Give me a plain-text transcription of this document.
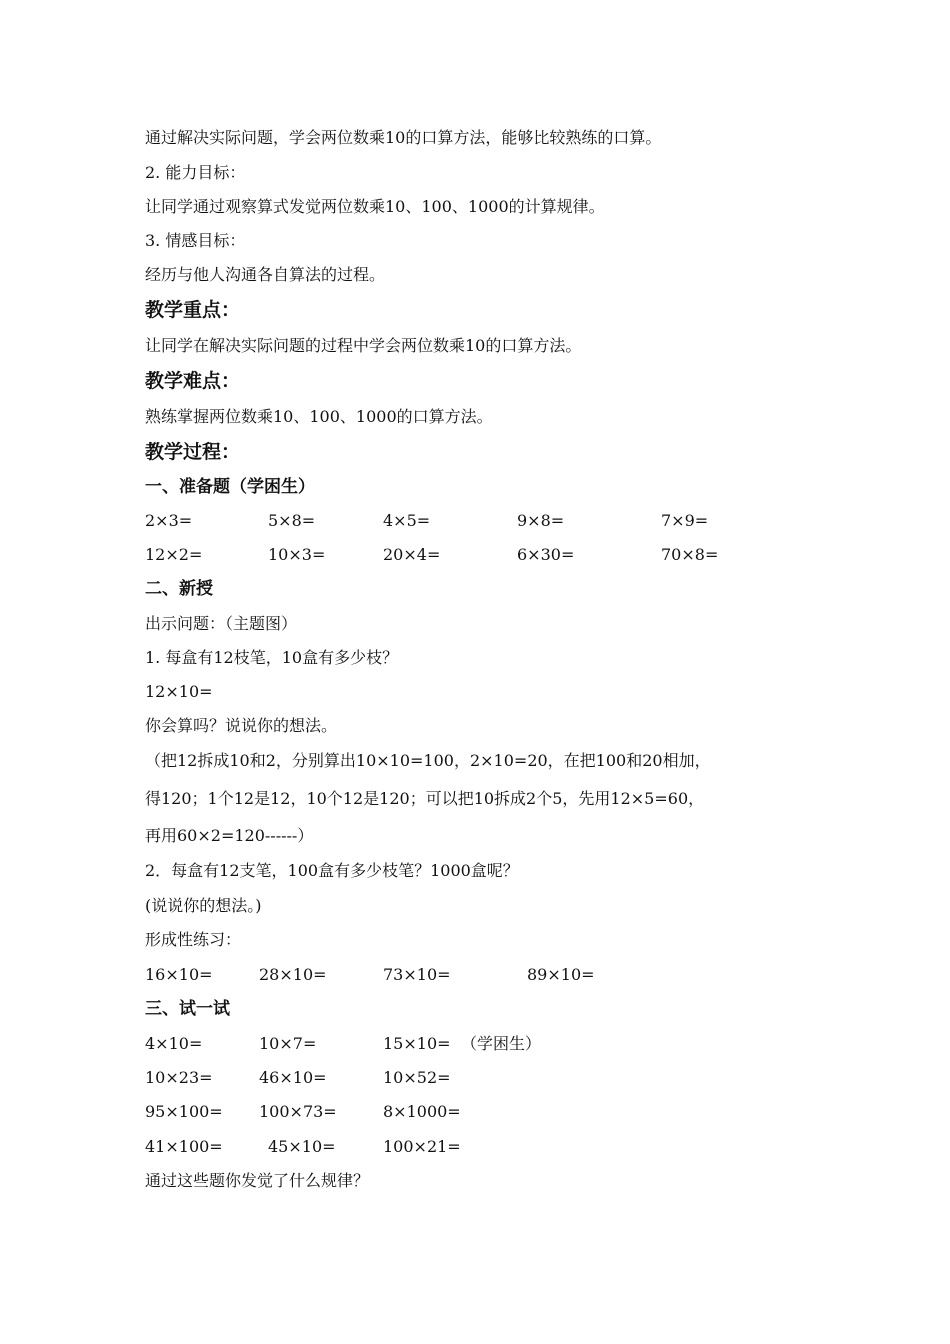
通过解决实际问题，学会两位数乘10的口算方法，能够比较熟练的口算。
2. 能力目标：
让同学通过观察算式发觉两位数乘10、100、1000的计算规律。
3. 情感目标：
经历与他人沟通各自算法的过程。
教学重点：
让同学在解决实际问题的过程中学会两位数乘10的口算方法。
教学难点：
熟练掌握两位数乘10、100、1000的口算方法。
教学过程：
一、准备题（学困生）
2×3=	5×8=	4×5=	9×8=	7×9=
12×2=	10×3=	20×4=	6×30=	70×8=
二、新授
出示问题：（主题图）
1. 每盒有12枝笔，10盒有多少枝？
12×10=
你会算吗？说说你的想法。
（把12拆成10和2，分别算出10×10=100，2×10=20，在把100和20相加，
得120；1个12是12，10个12是120；可以把10拆成2个5，先用12×5=60，
再用60×2=120------）
2．每盒有12支笔，100盒有多少枝笔？1000盒呢？
(说说你的想法。)
形成性练习：
16×10=	28×10=	73×10=	89×10=
三、试一试
4×10=	10×7=	15×10= （学困生）
10×23=	46×10=	10×52=
95×100= 100×73=	8×1000=
41×100=	45×10=	100×21=
通过这些题你发觉了什么规律？
